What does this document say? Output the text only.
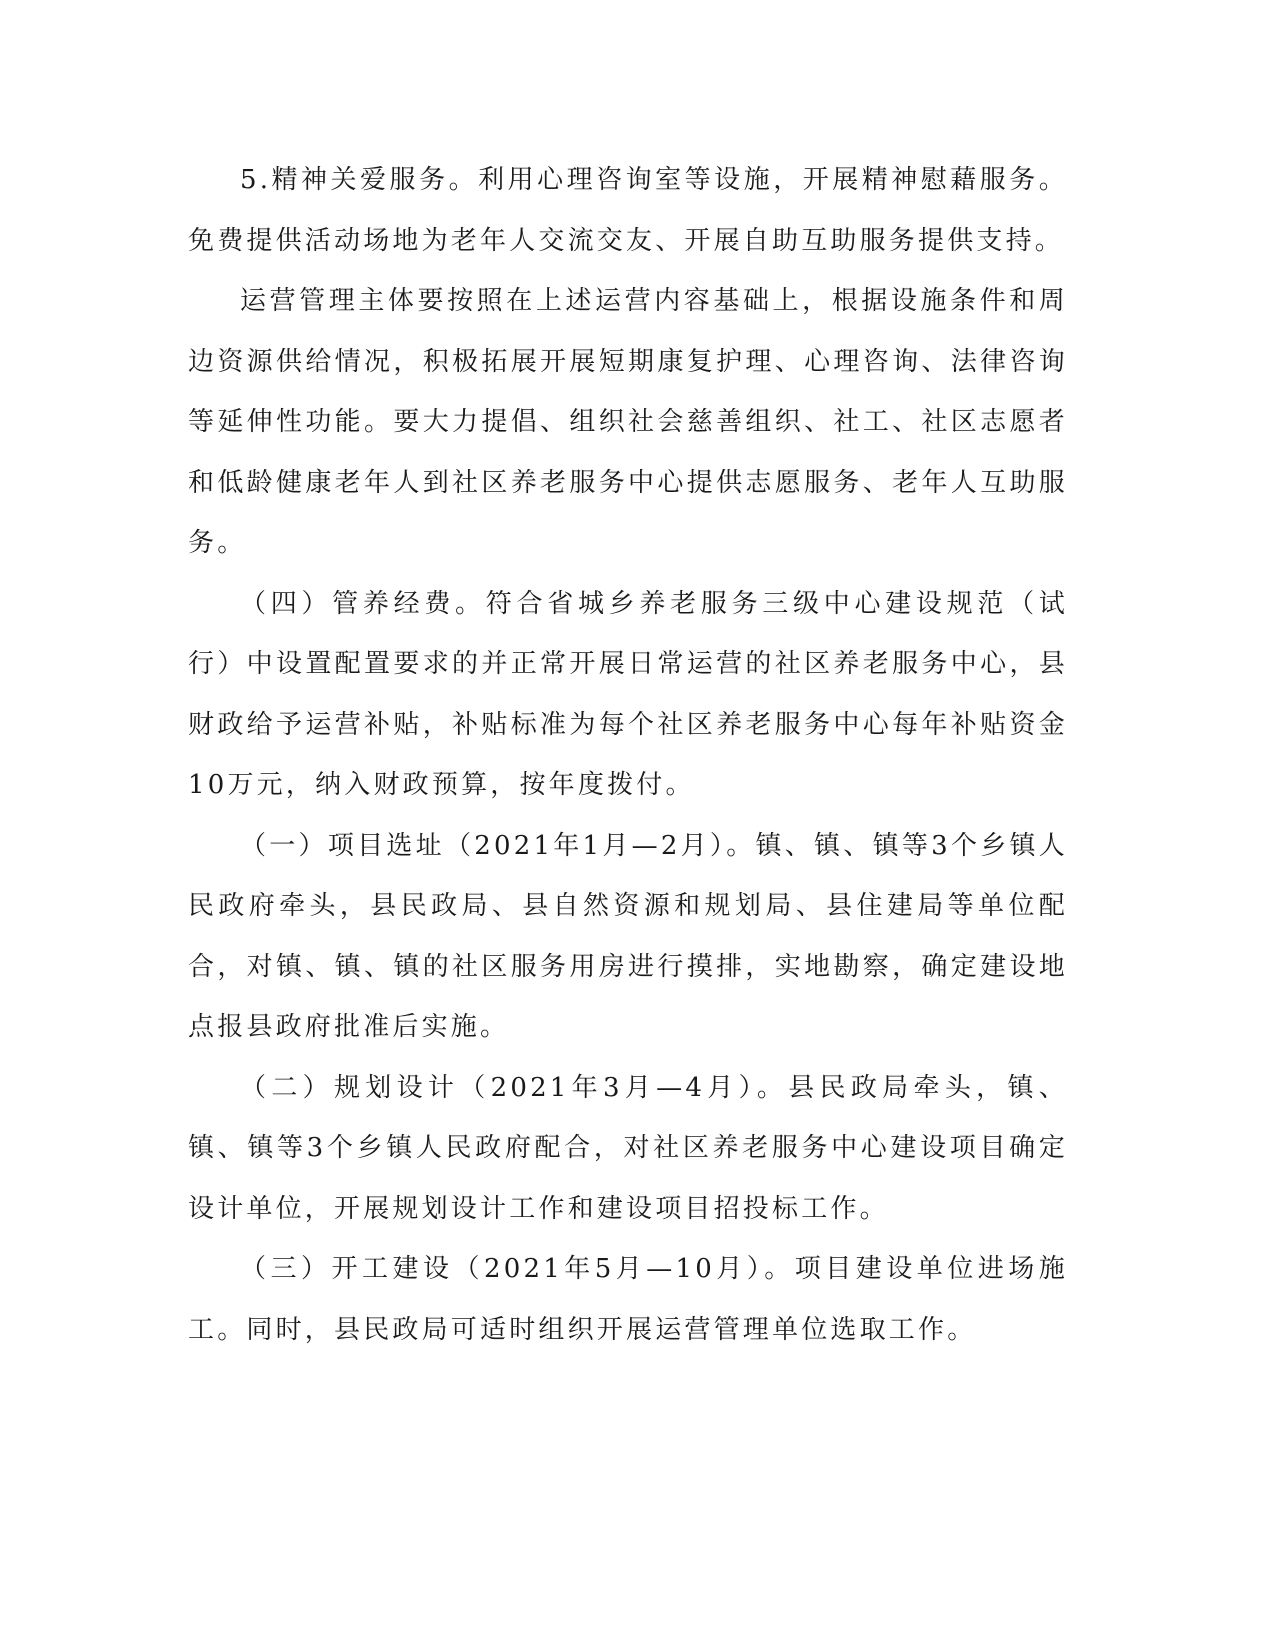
5.精神关爱服务。利用心理咨询室等设施，开展精神慰藉服务。免费提供活动场地为老年人交流交友、开展自助互助服务提供支持。

运营管理主体要按照在上述运营内容基础上，根据设施条件和周边资源供给情况，积极拓展开展短期康复护理、心理咨询、法律咨询等延伸性功能。要大力提倡、组织社会慈善组织、社工、社区志愿者和低龄健康老年人到社区养老服务中心提供志愿服务、老年人互助服务。

（四）管养经费。符合省城乡养老服务三级中心建设规范（试行）中设置配置要求的并正常开展日常运营的社区养老服务中心，县财政给予运营补贴，补贴标准为每个社区养老服务中心每年补贴资金10万元，纳入财政预算，按年度拨付。

（一）项目选址（2021年1月—2月）。镇、镇、镇等3个乡镇人民政府牵头，县民政局、县自然资源和规划局、县住建局等单位配合，对镇、镇、镇的社区服务用房进行摸排，实地勘察，确定建设地点报县政府批准后实施。

（二）规划设计（2021年3月—4月）。县民政局牵头，镇、镇、镇等3个乡镇人民政府配合，对社区养老服务中心建设项目确定设计单位，开展规划设计工作和建设项目招投标工作。

（三）开工建设（2021年5月—10月）。项目建设单位进场施工。同时，县民政局可适时组织开展运营管理单位选取工作。
